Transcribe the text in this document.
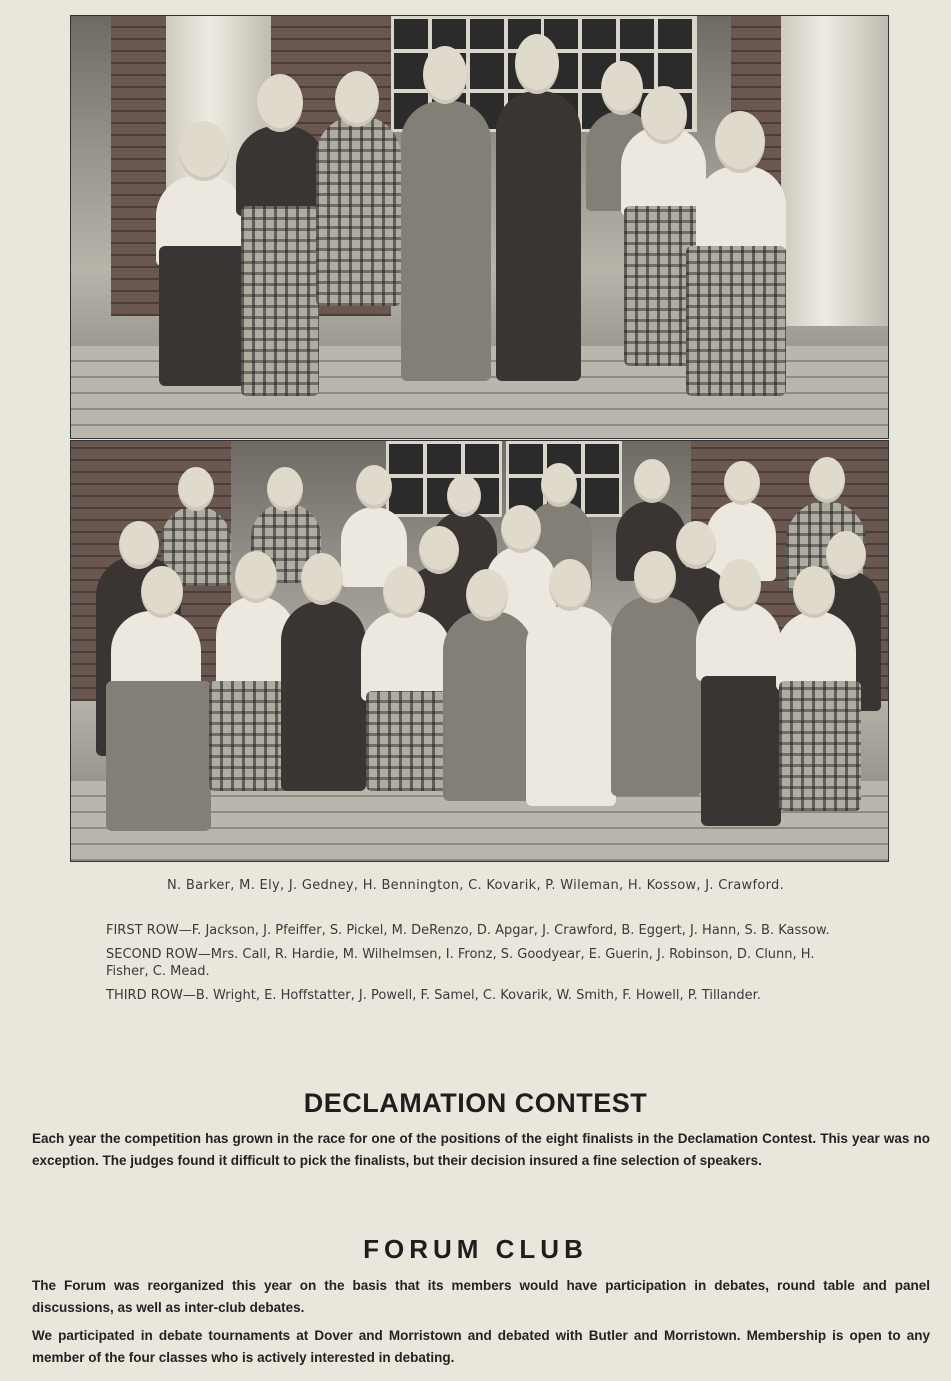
N. Barker, M. Ely, J. Gedney, H. Bennington, C. Kovarik, P. Wileman, H. Kossow, J. Crawford.

FIRST ROW—F. Jackson, J. Pfeiffer, S. Pickel, M. DeRenzo, D. Apgar, J. Crawford, B. Eggert, J. Hann, S. B. Kassow.

SECOND ROW—Mrs. Call, R. Hardie, M. Wilhelmsen, I. Fronz, S. Goodyear, E. Guerin, J. Robinson, D. Clunn, H. Fisher, C. Mead.

THIRD ROW—B. Wright, E. Hoffstatter, J. Powell, F. Samel, C. Kovarik, W. Smith, F. Howell, P. Tillander.

DECLAMATION CONTEST

Each year the competition has grown in the race for one of the positions of the eight finalists in the Declamation Contest. This year was no exception. The judges found it difficult to pick the finalists, but their decision insured a fine selection of speakers.

FORUM CLUB

The Forum was reorganized this year on the basis that its members would have participation in debates, round table and panel discussions, as well as inter-club debates.

We participated in debate tournaments at Dover and Morristown and debated with Butler and Morristown. Membership is open to any member of the four classes who is actively interested in debating.
